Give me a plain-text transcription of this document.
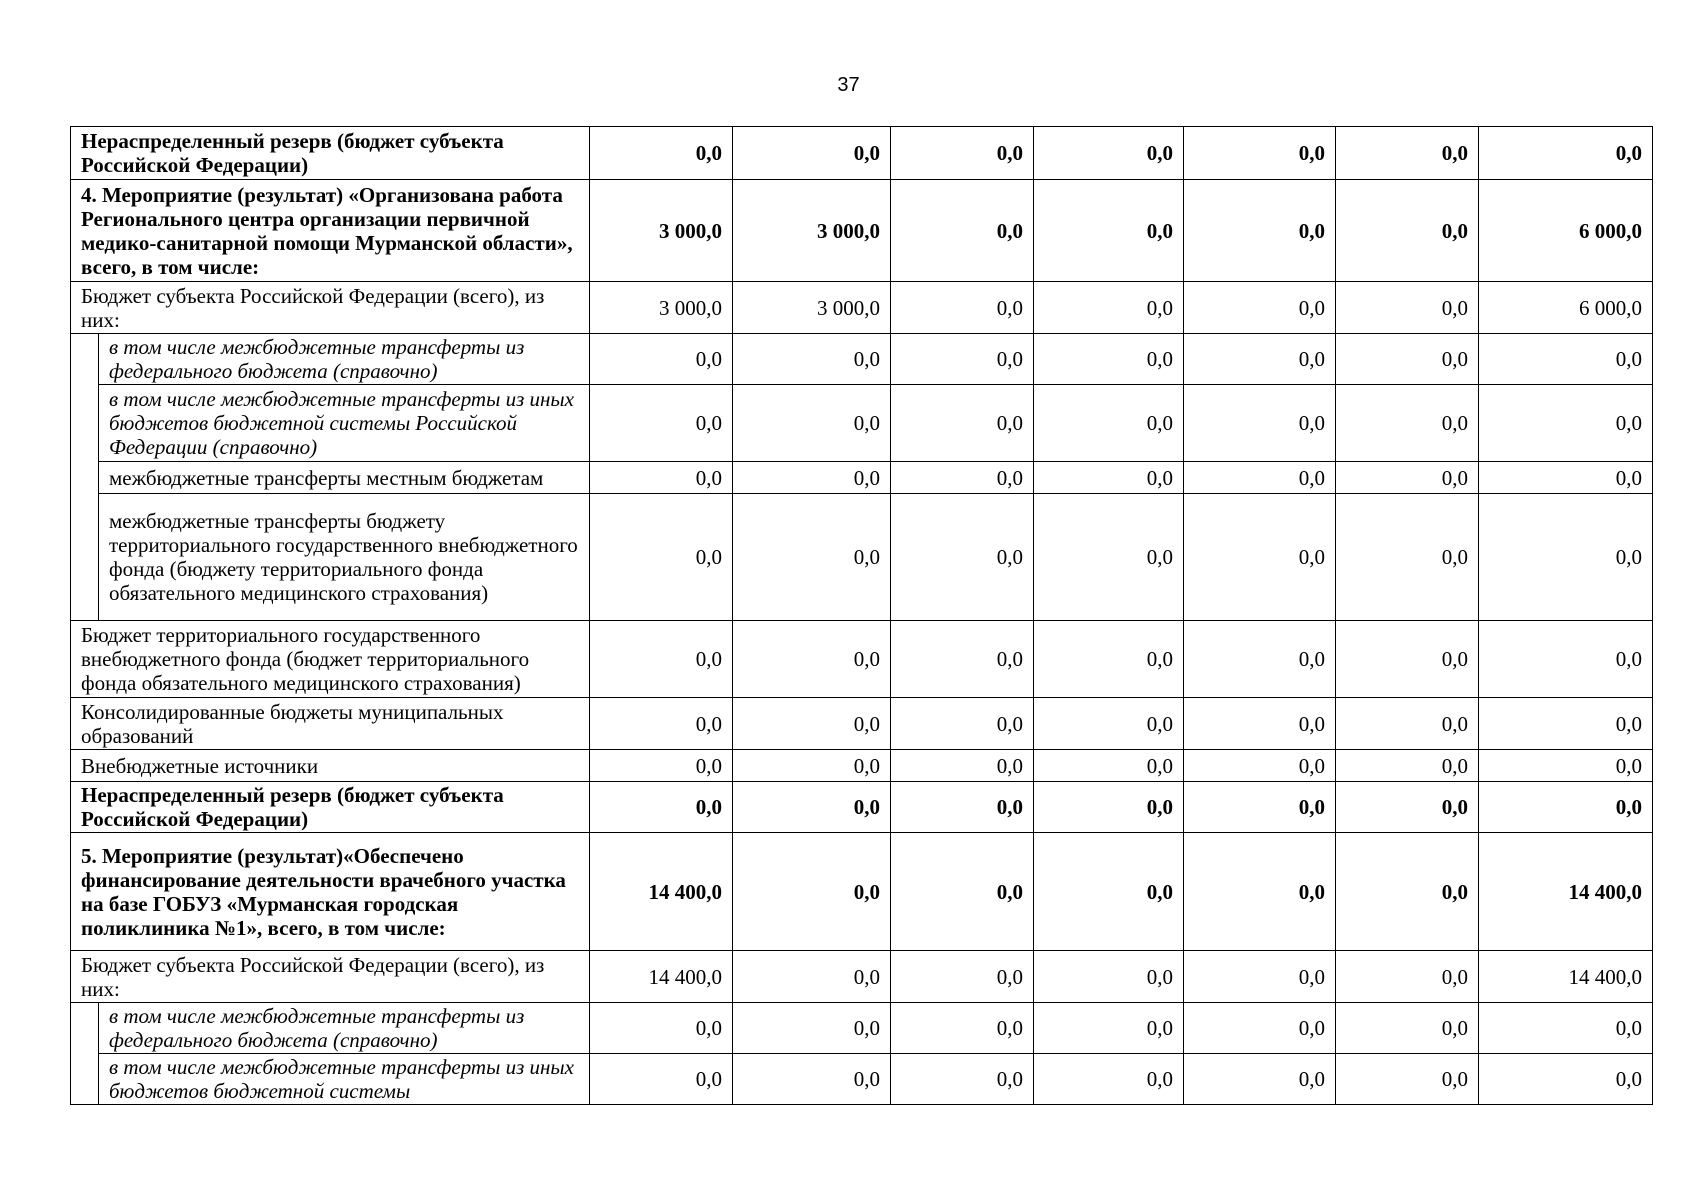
37
Нераспределенный резерв (бюджет субъекта Российской Федерации)		0,0	0,0	0,0	0,0	0,0	0,0	0,0
4. Мероприятие (результат) «Организована работа Регионального центра организации первичной медико-санитарной помощи Мурманской области», всего, в том числе:		3 000,0	3 000,0	0,0	0,0	0,0	0,0	6 000,0
Бюджет субъекта Российской Федерации (всего), из них:		3 000,0	3 000,0	0,0	0,0	0,0	0,0	6 000,0
	в том числе межбюджетные трансферты из федерального бюджета (справочно)	0,0	0,0	0,0	0,0	0,0	0,0	0,0
	в том числе межбюджетные трансферты из иных бюджетов бюджетной системы Российской Федерации (справочно)	0,0	0,0	0,0	0,0	0,0	0,0	0,0
	межбюджетные трансферты местным бюджетам	0,0	0,0	0,0	0,0	0,0	0,0	0,0
	межбюджетные трансферты бюджету территориального государственного внебюджетного фонда (бюджету территориального фонда обязательного медицинского страхования)	0,0	0,0	0,0	0,0	0,0	0,0	0,0
Бюджет территориального государственного внебюджетного фонда (бюджет территориального фонда обязательного медицинского страхования)		0,0	0,0	0,0	0,0	0,0	0,0	0,0
Консолидированные бюджеты муниципальных образований		0,0	0,0	0,0	0,0	0,0	0,0	0,0
Внебюджетные источники		0,0	0,0	0,0	0,0	0,0	0,0	0,0
Нераспределенный резерв (бюджет субъекта Российской Федерации)		0,0	0,0	0,0	0,0	0,0	0,0	0,0
5. Мероприятие (результат)«Обеспечено финансирование деятельности врачебного участка на базе ГОБУЗ «Мурманская городская поликлиника №1», всего, в том числе:		14 400,0	0,0	0,0	0,0	0,0	0,0	14 400,0
Бюджет субъекта Российской Федерации (всего), из них:		14 400,0	0,0	0,0	0,0	0,0	0,0	14 400,0
	в том числе межбюджетные трансферты из федерального бюджета (справочно)	0,0	0,0	0,0	0,0	0,0	0,0	0,0
	в том числе межбюджетные трансферты из иных бюджетов бюджетной системы	0,0	0,0	0,0	0,0	0,0	0,0	0,0
